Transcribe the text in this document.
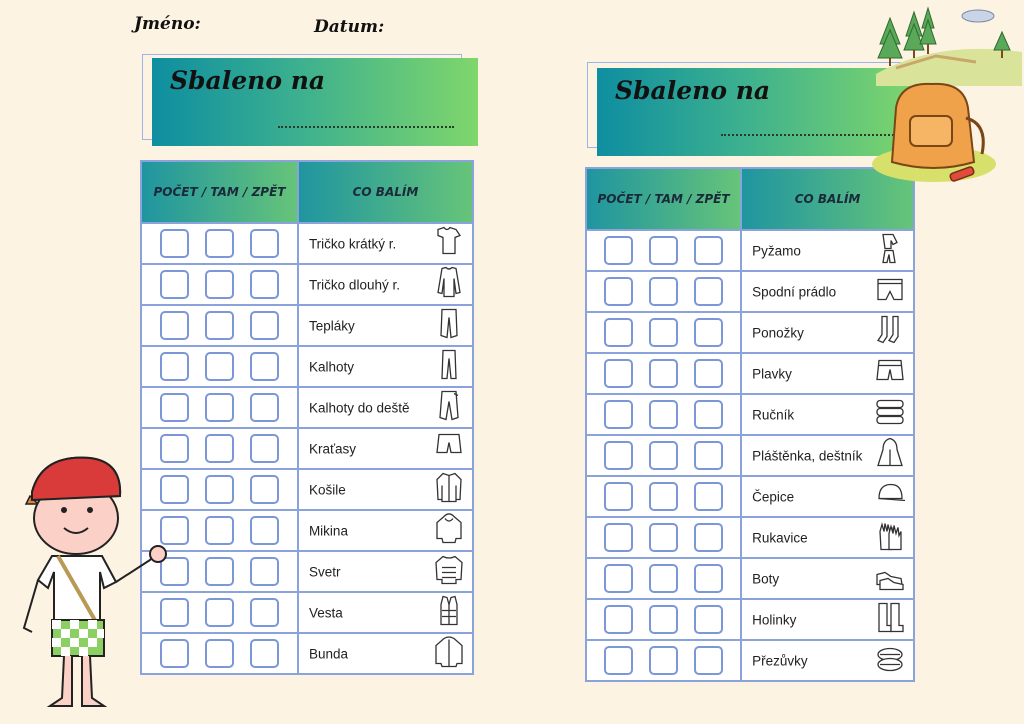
Jméno:	Datum:
Sbaleno na	Sbaleno na
POČET / TAM / ZPĚT	CO BALÍM

	Tričko krátký r.

	Tričko dlouhý r.

	Tepláky

	Kalhoty

	Kalhoty do deště

	Kraťasy

	Košile

	Mikina

	Svetr

	Vesta

	Bunda
POČET / TAM / ZPĚT	CO BALÍM

	Pyžamo

	Spodní prádlo

	Ponožky

	Plavky

	Ručník

	Pláštěnka, deštník

	Čepice

	Rukavice

	Boty

	Holinky

	Přezůvky
